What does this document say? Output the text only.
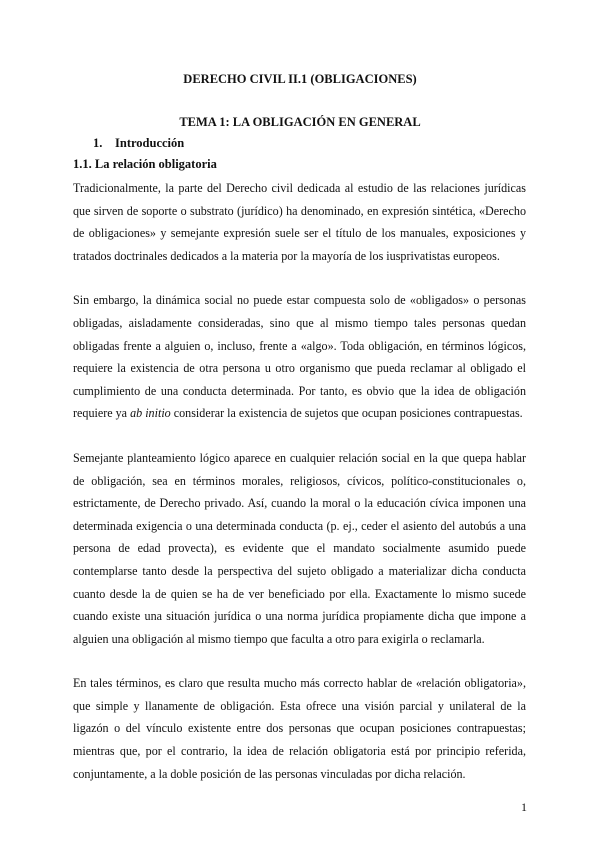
DERECHO CIVIL II.1 (OBLIGACIONES)
TEMA 1: LA OBLIGACIÓN EN GENERAL
1. Introducción
1.1. La relación obligatoria

Tradicionalmente, la parte del Derecho civil dedicada al estudio de las relaciones jurídicas que sirven de soporte o substrato (jurídico) ha denominado, en expresión sintética, «Derecho de obligaciones» y semejante expresión suele ser el título de los manuales, exposiciones y tratados doctrinales dedicados a la materia por la mayoría de los iusprivatistas europeos.

Sin embargo, la dinámica social no puede estar compuesta solo de «obligados» o personas obligadas, aisladamente consideradas, sino que al mismo tiempo tales personas quedan obligadas frente a alguien o, incluso, frente a «algo». Toda obligación, en términos lógicos, requiere la existencia de otra persona u otro organismo que pueda reclamar al obligado el cumplimiento de una conducta determinada. Por tanto, es obvio que la idea de obligación requiere ya ab initio considerar la existencia de sujetos que ocupan posiciones contrapuestas.

Semejante planteamiento lógico aparece en cualquier relación social en la que quepa hablar de obligación, sea en términos morales, religiosos, cívicos, político-constitucionales o, estrictamente, de Derecho privado. Así, cuando la moral o la educación cívica imponen una determinada exigencia o una determinada conducta (p. ej., ceder el asiento del autobús a una persona de edad provecta), es evidente que el mandato socialmente asumido puede contemplarse tanto desde la perspectiva del sujeto obligado a materializar dicha conducta cuanto desde la de quien se ha de ver beneficiado por ella. Exactamente lo mismo sucede cuando existe una situación jurídica o una norma jurídica propiamente dicha que impone a alguien una obligación al mismo tiempo que faculta a otro para exigirla o reclamarla.

En tales términos, es claro que resulta mucho más correcto hablar de «relación obligatoria», que simple y llanamente de obligación. Esta ofrece una visión parcial y unilateral de la ligazón o del vínculo existente entre dos personas que ocupan posiciones contrapuestas; mientras que, por el contrario, la idea de relación obligatoria está por principio referida, conjuntamente, a la doble posición de las personas vinculadas por dicha relación.

1
